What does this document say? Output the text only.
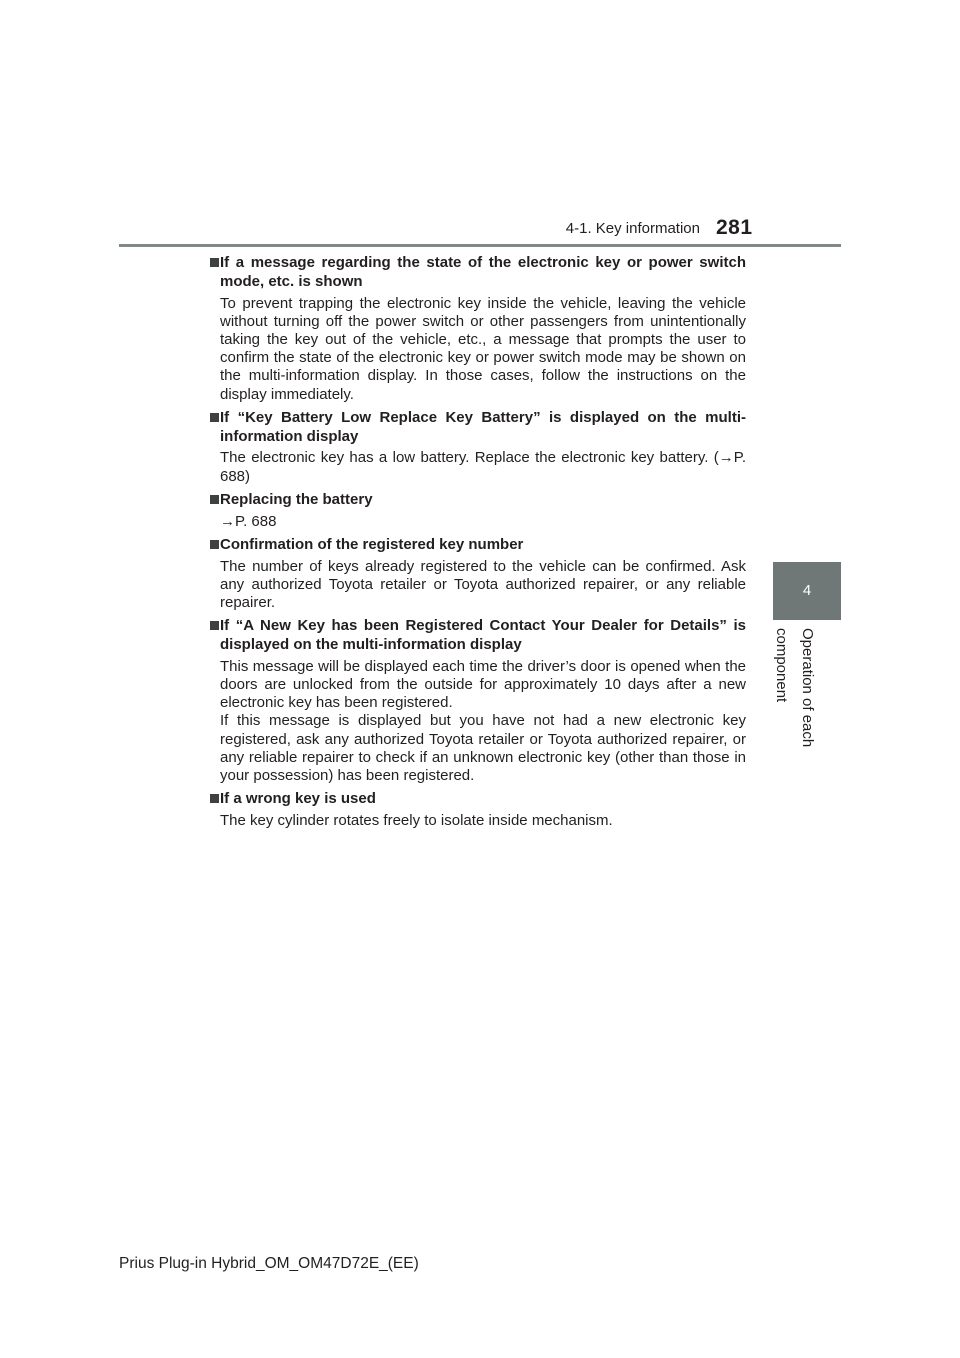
4-1. Key information 281
4
Operation of each component
If a message regarding the state of the electronic key or power switch mode, etc. is shown
To prevent trapping the electronic key inside the vehicle, leaving the vehicle without turning off the power switch or other passengers from unintentionally taking the key out of the vehicle, etc., a message that prompts the user to confirm the state of the electronic key or power switch mode may be shown on the multi-information display. In those cases, follow the instructions on the display immediately.
If “Key Battery Low Replace Key Battery” is displayed on the multi-information display
The electronic key has a low battery. Replace the electronic key battery. (→P. 688)
Replacing the battery
→P. 688
Confirmation of the registered key number
The number of keys already registered to the vehicle can be confirmed. Ask any authorized Toyota retailer or Toyota authorized repairer, or any reliable repairer.
If “A New Key has been Registered Contact Your Dealer for Details” is displayed on the multi-information display
This message will be displayed each time the driver’s door is opened when the doors are unlocked from the outside for approximately 10 days after a new electronic key has been registered.
If this message is displayed but you have not had a new electronic key registered, ask any authorized Toyota retailer or Toyota authorized repairer, or any reliable repairer to check if an unknown electronic key (other than those in your possession) has been registered.
If a wrong key is used
The key cylinder rotates freely to isolate inside mechanism.
Prius Plug-in Hybrid_OM_OM47D72E_(EE)
